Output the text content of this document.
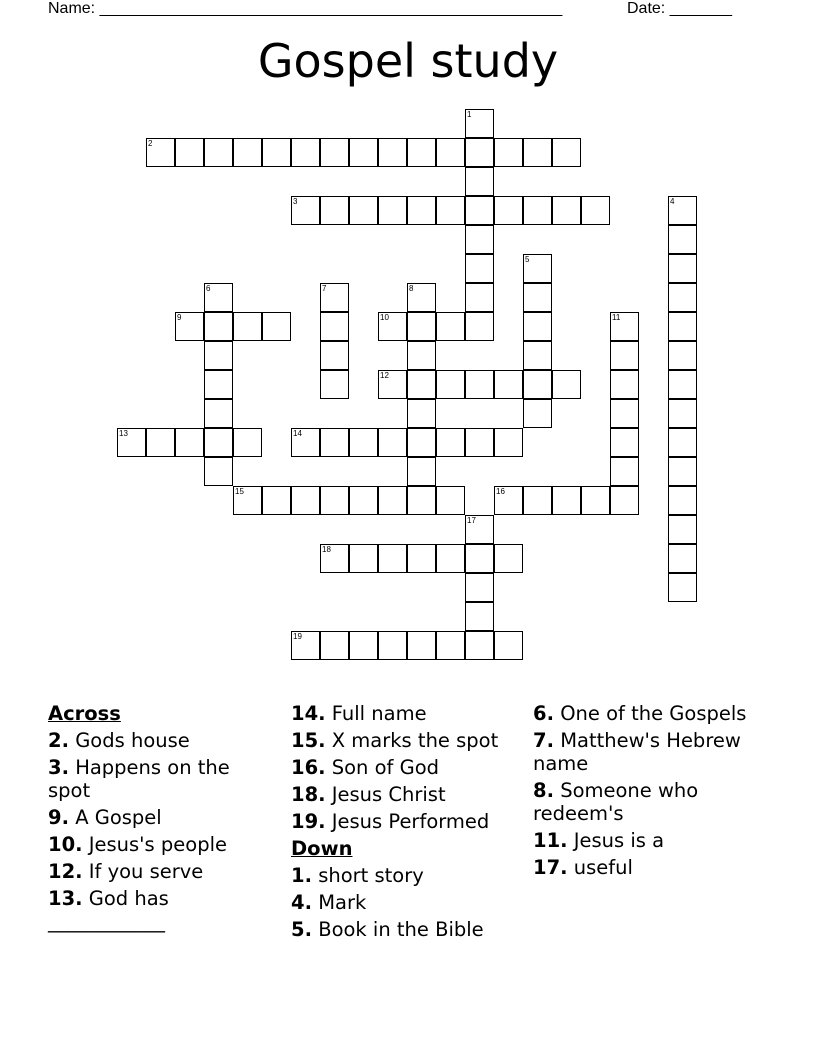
Name: ____________________________________________________	Date: _______
Gospel study
1
2
3	4
5
6	7	8
9	10	11
12
13	14
15	16
17
18
19
Across
2. Gods house
3. Happens on the spot
9. A Gospel
10. Jesus's people
12. If you serve
13. God has ____________
14. Full name
15. X marks the spot
16. Son of God
18. Jesus Christ
19. Jesus Performed
Down
1. short story
4. Mark
5. Book in the Bible
6. One of the Gospels
7. Matthew's Hebrew name
8. Someone who redeem's
11. Jesus is a
17. useful
